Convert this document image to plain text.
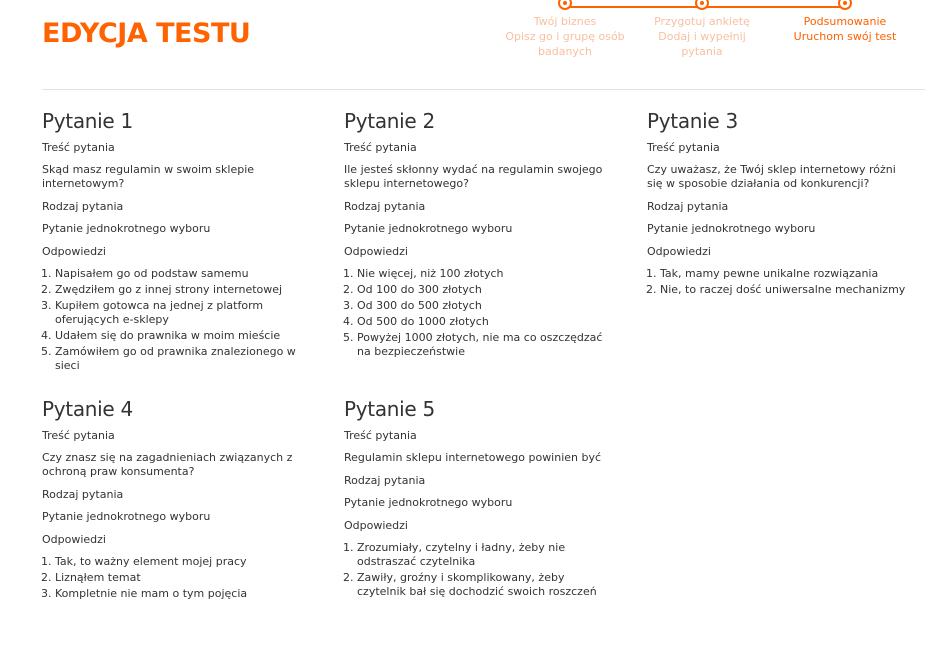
EDYCJA TESTU	Twój biznes
Opisz go i grupę osób badanych
Przygotuj ankietę
Dodaj i wypełnij pytania
Podsumowanie
Uruchom swój test
Pytanie 1
Treść pytania
Skąd masz regulamin w swoim sklepie internetowym?
Rodzaj pytania
Pytanie jednokrotnego wyboru
Odpowiedzi
1. Napisałem go od podstaw samemu
2. Zwędziłem go z innej strony internetowej
3. Kupiłem gotowca na jednej z platform oferujących e-sklepy
4. Udałem się do prawnika w moim mieście
5. Zamówiłem go od prawnika znalezionego w sieci
Pytanie 2
Treść pytania
Ile jesteś skłonny wydać na regulamin swojego sklepu internetowego?
Rodzaj pytania
Pytanie jednokrotnego wyboru
Odpowiedzi
1. Nie więcej, niż 100 złotych
2. Od 100 do 300 złotych
3. Od 300 do 500 złotych
4. Od 500 do 1000 złotych
5. Powyżej 1000 złotych, nie ma co oszczędzać na bezpieczeństwie
Pytanie 3
Treść pytania
Czy uważasz, że Twój sklep internetowy różni się w sposobie działania od konkurencji?
Rodzaj pytania
Pytanie jednokrotnego wyboru
Odpowiedzi
1. Tak, mamy pewne unikalne rozwiązania
2. Nie, to raczej dość uniwersalne mechanizmy
Pytanie 4
Treść pytania
Czy znasz się na zagadnieniach związanych z ochroną praw konsumenta?
Rodzaj pytania
Pytanie jednokrotnego wyboru
Odpowiedzi
1. Tak, to ważny element mojej pracy
2. Liznąłem temat
3. Kompletnie nie mam o tym pojęcia
Pytanie 5
Treść pytania
Regulamin sklepu internetowego powinien być
Rodzaj pytania
Pytanie jednokrotnego wyboru
Odpowiedzi
1. Zrozumiały, czytelny i ładny, żeby nie odstraszać czytelnika
2. Zawiły, groźny i skomplikowany, żeby czytelnik bał się dochodzić swoich roszczeń
